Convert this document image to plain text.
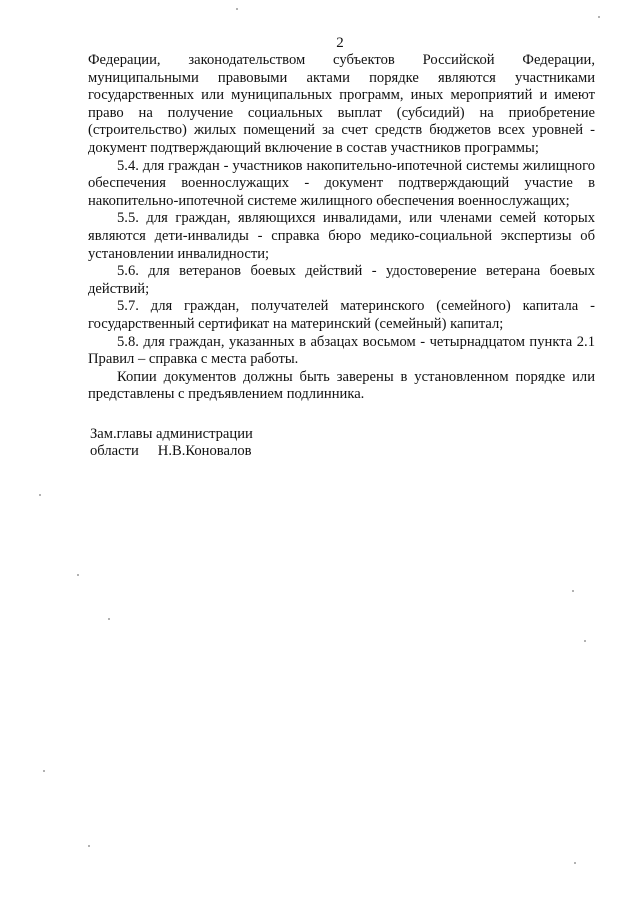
2

Федерации, законодательством субъектов Российской Федерации, муниципальными правовыми актами порядке являются участниками государственных или муниципальных программ, иных мероприятий и имеют право на получение социальных выплат (субсидий) на приобретение (строительство) жилых помещений за счет средств бюджетов всех уровней - документ подтверждающий включение в состав участников программы;

5.4. для граждан - участников накопительно-ипотечной системы жилищного обеспечения военнослужащих - документ подтверждающий участие в накопительно-ипотечной системе жилищного обеспечения военнослужащих;

5.5. для граждан, являющихся инвалидами, или членами семей которых являются дети-инвалиды - справка бюро медико-социальной экспертизы об установлении инвалидности;

5.6. для ветеранов боевых действий - удостоверение ветерана боевых действий;

5.7. для граждан, получателей материнского (семейного) капитала - государственный сертификат на материнский (семейный) капитал;

5.8. для граждан, указанных в абзацах восьмом - четырнадцатом пункта 2.1 Правил – справка с места работы.

Копии документов должны быть заверены в установленном порядке или представлены с предъявлением подлинника.

Зам.главы администрации
области Н.В.Коновалов
